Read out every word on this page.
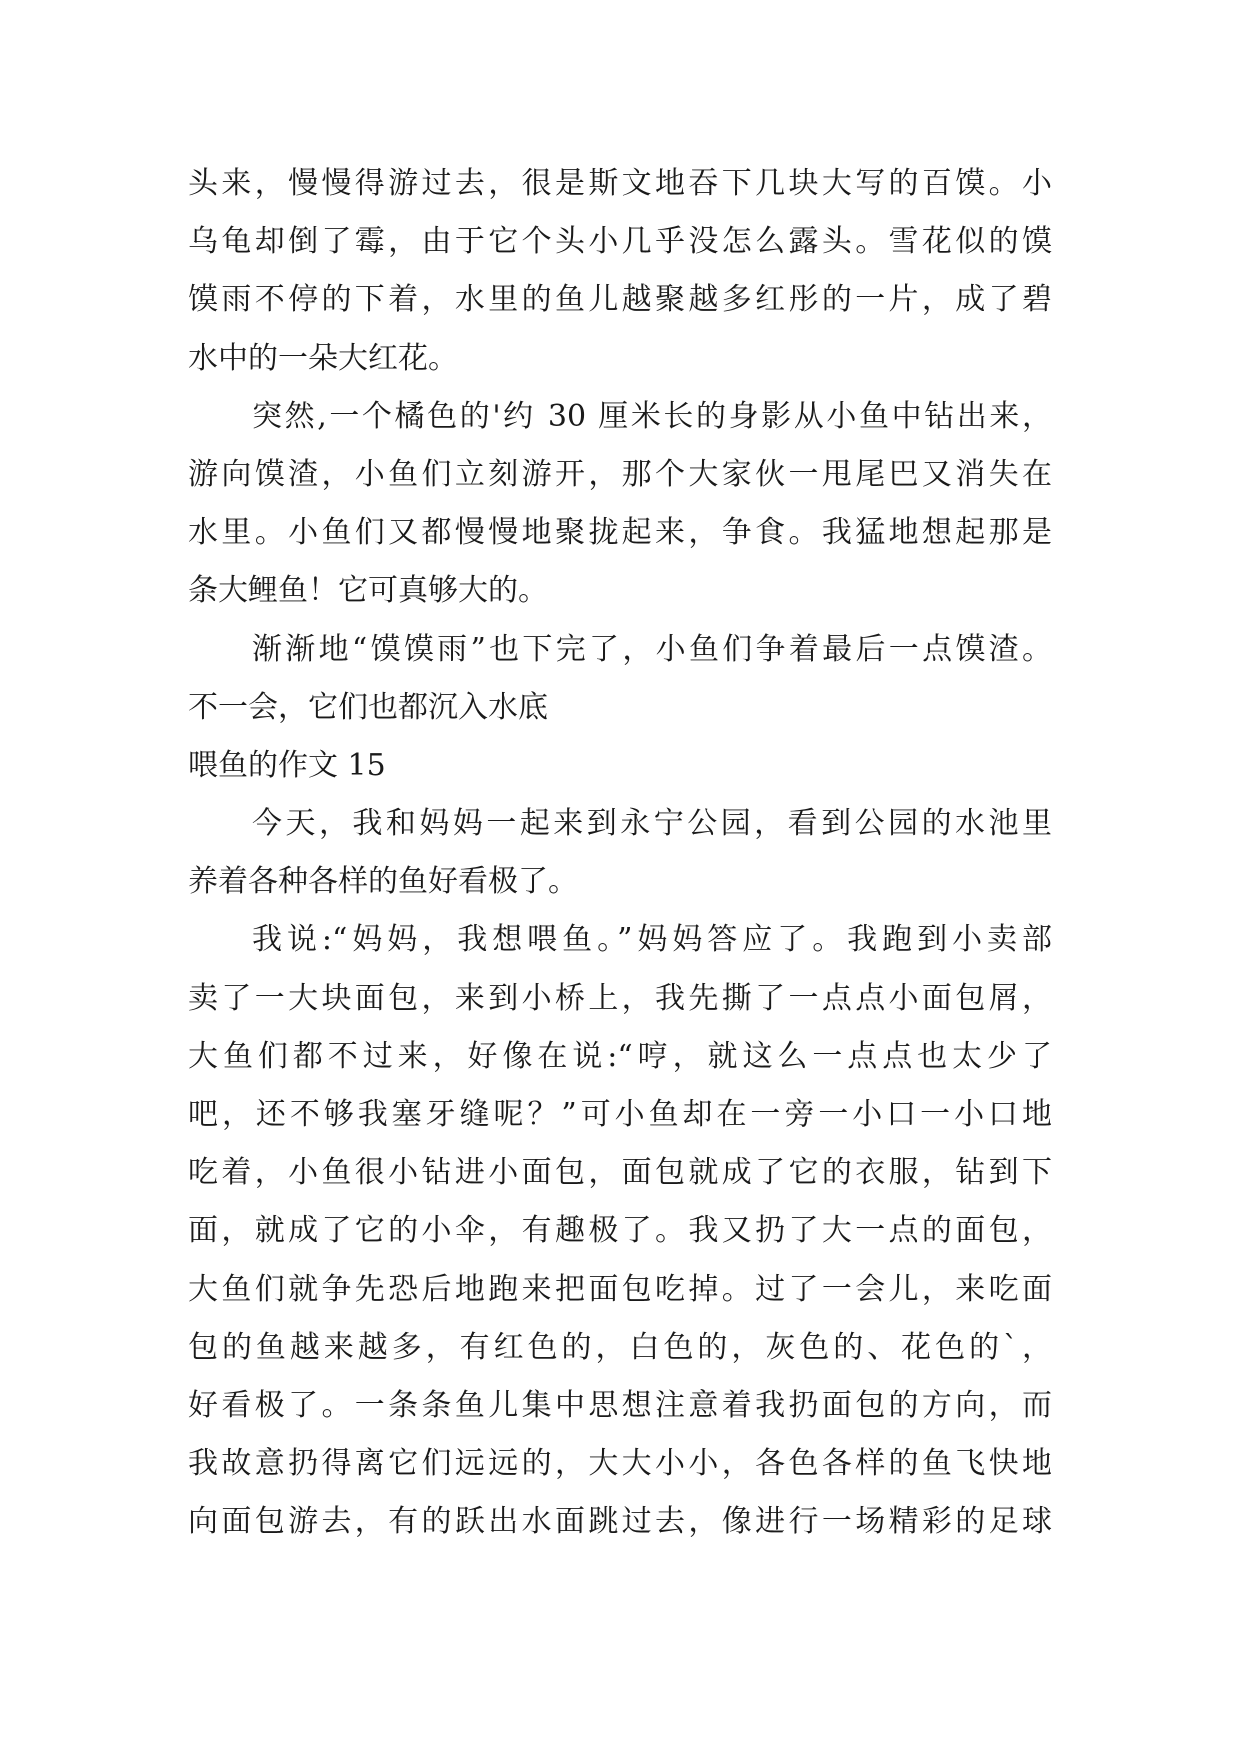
头来，慢慢得游过去，很是斯文地吞下几块大写的百馍。小
乌龟却倒了霉，由于它个头小几乎没怎么露头。雪花似的馍
馍雨不停的下着，水里的鱼儿越聚越多红彤的一片，成了碧
水中的一朵大红花。
突然,一个橘色的'约 30 厘米长的身影从小鱼中钻出来，
游向馍渣，小鱼们立刻游开，那个大家伙一甩尾巴又消失在
水里。小鱼们又都慢慢地聚拢起来，争食。我猛地想起那是
条大鲤鱼！它可真够大的。
渐渐地“馍馍雨”也下完了，小鱼们争着最后一点馍渣。
不一会，它们也都沉入水底
喂鱼的作文 15
今天，我和妈妈一起来到永宁公园，看到公园的水池里
养着各种各样的鱼好看极了。
我说:“妈妈，我想喂鱼。”妈妈答应了。我跑到小卖部
卖了一大块面包，来到小桥上，我先撕了一点点小面包屑，
大鱼们都不过来，好像在说:“哼，就这么一点点也太少了
吧，还不够我塞牙缝呢？”可小鱼却在一旁一小口一小口地
吃着，小鱼很小钻进小面包，面包就成了它的衣服，钻到下
面，就成了它的小伞，有趣极了。我又扔了大一点的面包，
大鱼们就争先恐后地跑来把面包吃掉。过了一会儿，来吃面
包的鱼越来越多，有红色的，白色的，灰色的、花色的`，
好看极了。一条条鱼儿集中思想注意着我扔面包的方向，而
我故意扔得离它们远远的，大大小小，各色各样的鱼飞快地
向面包游去，有的跃出水面跳过去，像进行一场精彩的足球
